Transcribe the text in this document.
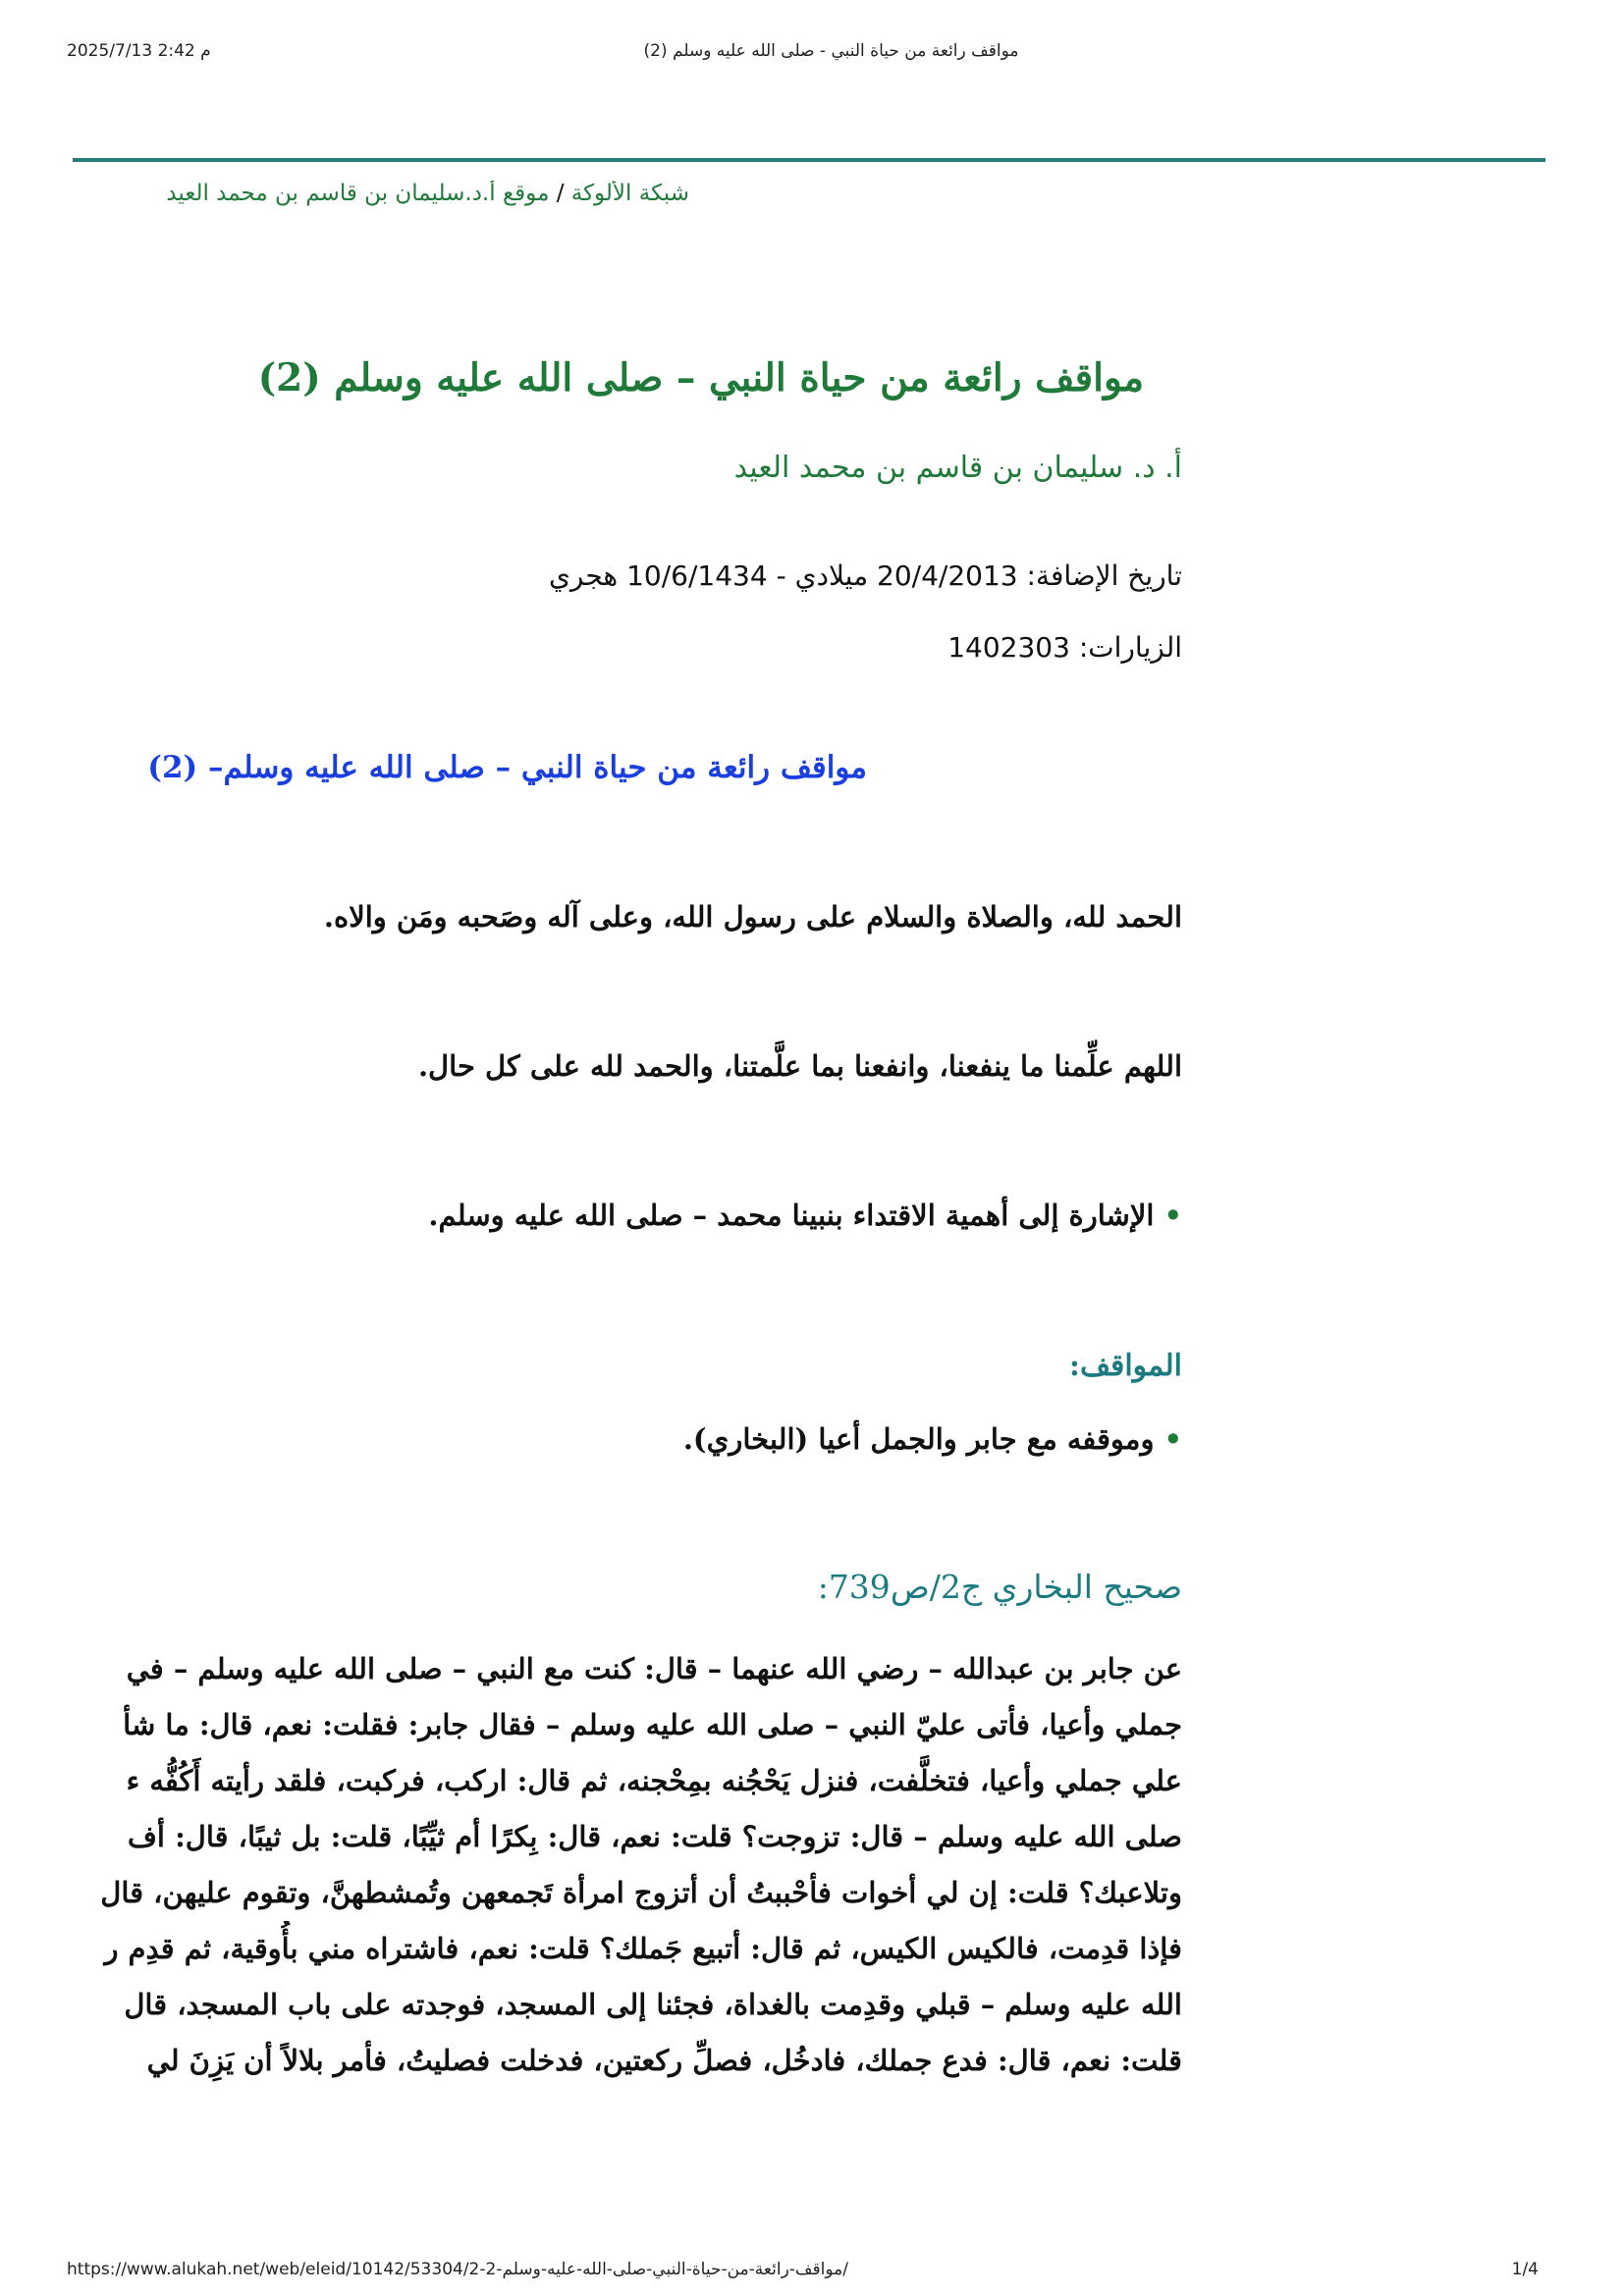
2025/7/13 2:42 م	مواقف رائعة من حياة النبي - صلى الله عليه وسلم (2)
شبكة الألوكة / موقع أ.د.سليمان بن قاسم بن محمد العيد
مواقف رائعة من حياة النبي – صلى الله عليه وسلم (2)
أ. د. سليمان بن قاسم بن محمد العيد
تاريخ الإضافة: 20/4/2013 ميلادي - 10/6/1434 هجري
الزيارات: 1402303
مواقف رائعة من حياة النبي – صلى الله عليه وسلم– (2)
الحمد لله، والصلاة والسلام على رسول الله، وعلى آله وصَحبه ومَن والاه.
اللهم علِّمنا ما ينفعنا، وانفعنا بما علَّمتنا، والحمد لله على كل حال.
•الإشارة إلى أهمية الاقتداء بنبينا محمد – صلى الله عليه وسلم.
المواقف:
•وموقفه مع جابر والجمل أعيا (البخاري).
صحيح البخاري ج2/ص739:
عن جابر بن عبدالله – رضي الله عنهما – قال: كنت مع النبي – صلى الله عليه وسلم – في
جملي وأعيا، فأتى عليّ النبي – صلى الله عليه وسلم – فقال جابر: فقلت: نعم، قال: ما شأ
علي جملي وأعيا، فتخلَّفت، فنزل يَحْجُنه بمِحْجنه، ثم قال: اركب، فركبت، فلقد رأيته أَكُفُّه ء
صلى الله عليه وسلم – قال: تزوجت؟ قلت: نعم، قال: بِكرًا أم ثيِّبًا، قلت: بل ثيبًا، قال: أف
وتلاعبك؟ قلت: إن لي أخوات فأحْببتُ أن أتزوج امرأة تَجمعهن وتُمشطهنَّ، وتقوم عليهن، قال
فإذا قدِمت، فالكيس الكيس، ثم قال: أتبيع جَملك؟ قلت: نعم، فاشتراه مني بأُوقية، ثم قدِم ر
الله عليه وسلم – قبلي وقدِمت بالغداة، فجئنا إلى المسجد، فوجدته على باب المسجد، قال
قلت: نعم، قال: فدع جملك، فادخُل، فصلِّ ركعتين، فدخلت فصليتُ، فأمر بلالاً أن يَزِنَ لي
https://www.alukah.net/web/eleid/10142/53304/2-مواقف-رائعة-من-حياة-النبي-صلى-الله-عليه-وسلم-2/	1/4
